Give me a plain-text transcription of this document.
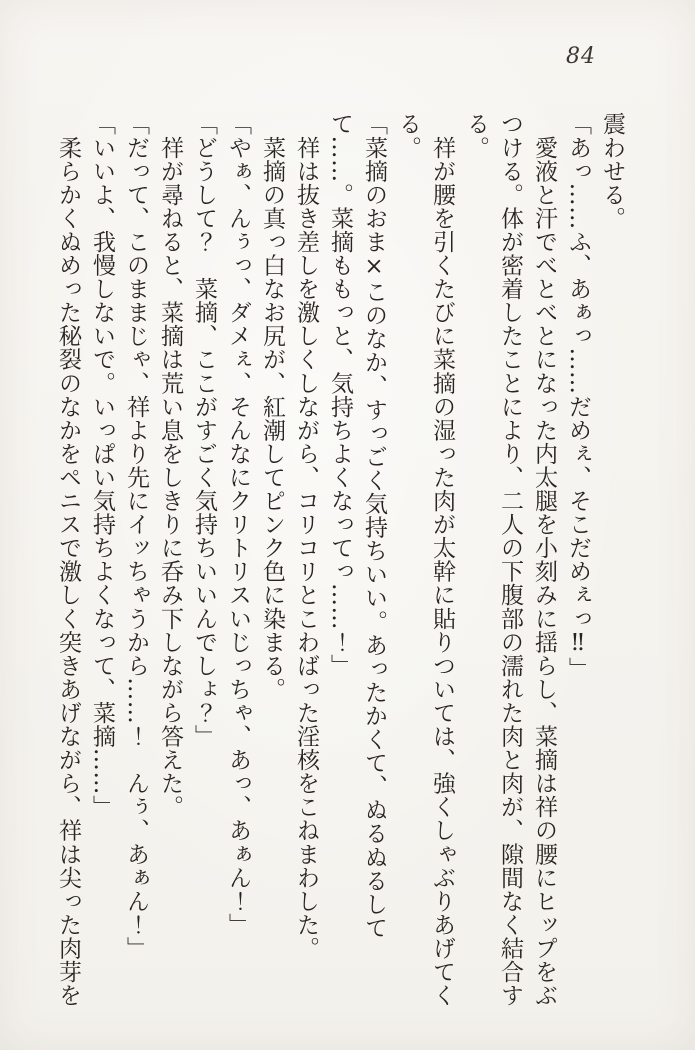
84

震わせる。

「あっ……ふ、あぁっ……だめぇ、そこだめぇっ‼」

　愛液と汗でべとべとになった内太腿を小刻みに揺らし、菜摘は祥の腰にヒップをぶつける。体が密着したことにより、二人の下腹部の濡れた肉と肉が、隙間なく結合する。

　祥が腰を引くたびに菜摘の湿った肉が太幹に貼りついては、強くしゃぶりあげてくる。

「菜摘のおま×このなか、すっごく気持ちいい。あったかくて、ぬるぬるしてて……。菜摘ももっと、気持ちよくなってっ……！」

　祥は抜き差しを激しくしながら、コリコリとこわばった淫核をこねまわした。

　菜摘の真っ白なお尻が、紅潮してピンク色に染まる。

「やぁ、んぅっ、ダメぇ、そんなにクリトリスいじっちゃ、あっ、あぁん！」

「どうして？　菜摘、ここがすごく気持ちいいんでしょ？」

　祥が尋ねると、菜摘は荒い息をしきりに呑み下しながら答えた。

「だって、このままじゃ、祥より先にイッちゃうから……！　んぅ、あぁん！」

「いいよ、我慢しないで。いっぱい気持ちよくなって、菜摘……」

　柔らかくぬめった秘裂のなかをペニスで激しく突きあげながら、祥は尖った肉芽を
